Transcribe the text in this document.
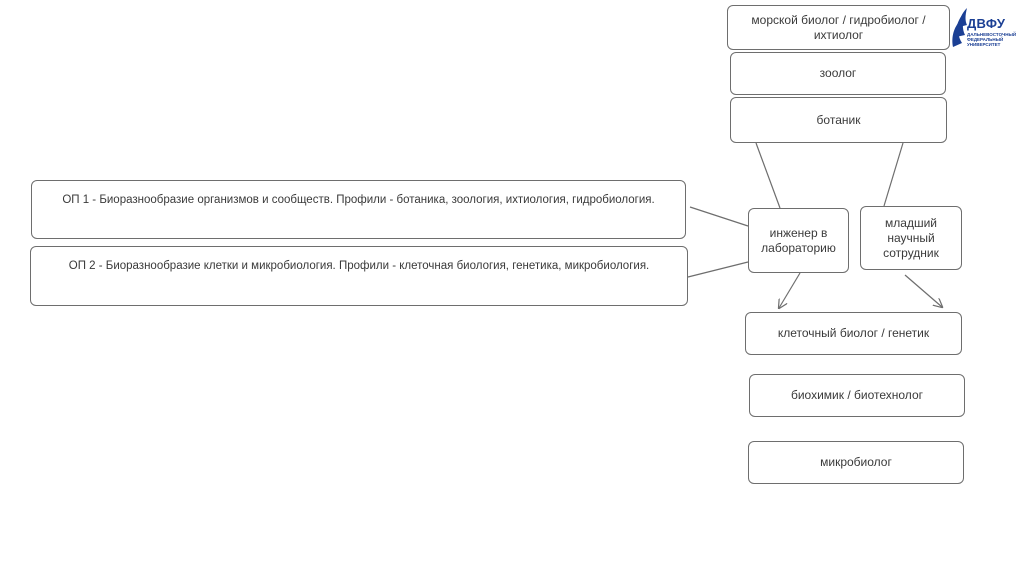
ОП 1 - Биоразнообразие организмов и сообществ. Профили - ботаника, зоология, ихтиология, гидробиология.
ОП 2 - Биоразнообразие клетки и микробиология. Профили - клеточная биология, генетика, микробиология.
морской биолог / гидробиолог / ихтиолог
зоолог
ботаник
инженер в лабораторию
младший научный сотрудник
клеточный биолог / генетик
биохимик / биотехнолог
микробиолог
ДВФУ
ДАЛЬНЕВОСТОЧНЫЙ
ФЕДЕРАЛЬНЫЙ
УНИВЕРСИТЕТ
